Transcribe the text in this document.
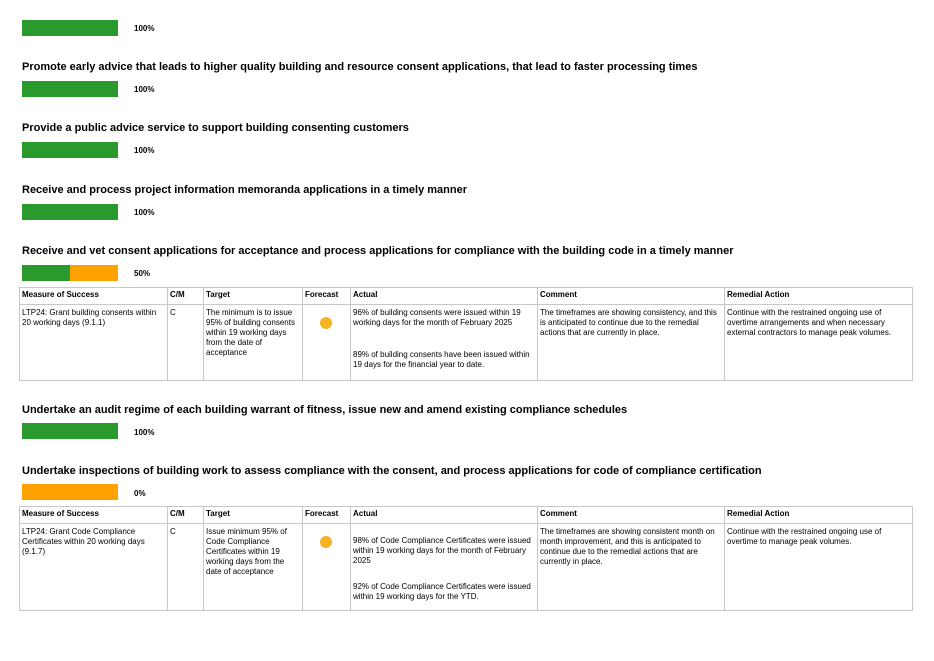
100%
Promote early advice that leads to higher quality building and resource consent applications, that lead to faster processing times
100%
Provide a public advice service to support building consenting customers
100%
Receive and process project information memoranda applications in a timely manner
100%
Receive and vet consent applications for acceptance and process applications for compliance with the building code in a timely manner
50%
Measure of Success	C/M	Target	Forecast	Actual	Comment	Remedial Action
LTP24: Grant building consents within 20 working days (9.1.1)	C	The minimum is to issue 95% of building consents within 19 working days from the date of acceptance		96% of building consents were issued within 19 working days for the month of February 2025
89% of building consents have been issued within 19 days for the financial year to date.	The timeframes are showing consistency, and this is anticipated to continue due to the remedial actions that are currently in place.	Continue with the restrained ongoing use of overtime arrangements and when necessary external contractors to manage peak volumes.
Undertake an audit regime of each building warrant of fitness, issue new and amend existing compliance schedules
100%
Undertake inspections of building work to assess compliance with the consent, and process applications for code of compliance certification
0%
Measure of Success	C/M	Target	Forecast	Actual	Comment	Remedial Action
LTP24: Grant Code Compliance Certificates within 20 working days (9.1.7)	C	Issue minimum 95% of Code Compliance Certificates within 19 working days from the date of acceptance		98% of Code Compliance Certificates were issued within 19 working days for the month of February 2025
92% of Code Compliance Certificates were issued within 19 working days for the YTD.	The timeframes are showing consistent month on month improvement, and this is anticipated to continue due to the remedial actions that are currently in place.	Continue with the restrained ongoing use of overtime to manage peak volumes.
